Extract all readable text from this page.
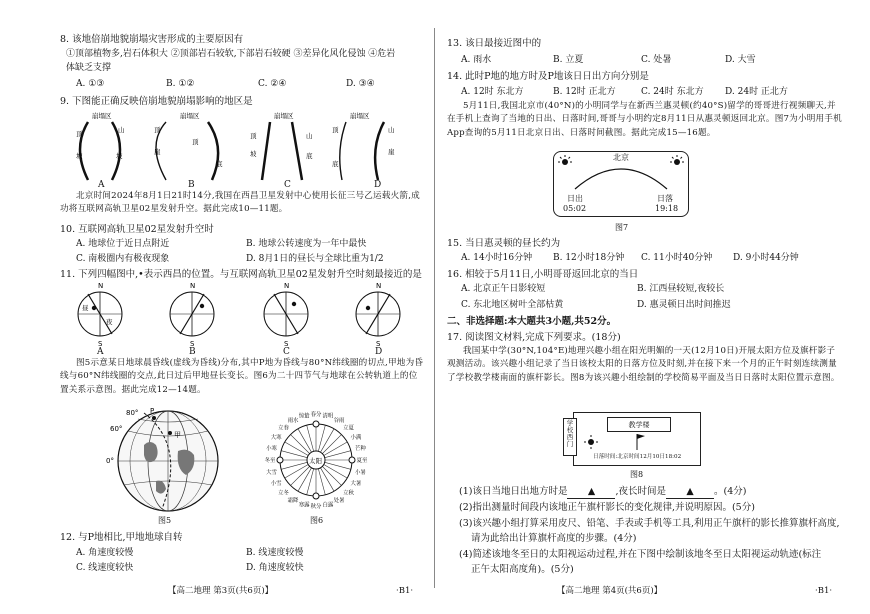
8. 该地倍崩地貌崩塌灾害形成的主要原因有
①顶部植物多,岩石体积大 ②顶部岩石较软,下部岩石较硬 ③差异化风化侵蚀 ④危岩
体缺乏支撑
A. ①③	B. ①②	C. ②④	D. ③④
9. 下图能正确反映倍崩地貌崩塌影响的地区是
崩塌区
顶	山
坡	坡
崩塌区
顶
崖
顶
底
崩塌区
顶
坡
山
底
崩塌区
顶	山
崖
底
A	B	C	D
北京时间2024年8月1日21时14分,我国在西昌卫星发射中心使用长征三号乙运载火箭,成功将互联网高轨卫星02星发射升空。据此完成10—11题。
10. 互联网高轨卫星02星发射升空时
A. 地球位于近日点附近	B. 地球公转速度为一年中最快
C. 南极圈内有极夜现象	D. 8月1日的昼长与全球比重为1/2
11. 下列四幅图中,•表示西昌的位置。与互联网高轨卫星02星发射升空时刻最接近的是
N
昼
夜
S
N
S
N
S
N
S
A	B	C	D
图5示意某日地球晨昏线(虚线为昏线)分布,其中P地为昏线与80°N纬线圈的切点,甲地为昏线与60°N纬线圈的交点,此日过后甲地昼长变长。图6为二十四节气与地球在公转轨道上的位置关系示意图。据此完成12—14题。
80° P
60°
甲
0°
图5
太阳
春分 清明
谷雨
立夏
小满
芒种
夏至
小暑
大暑
立秋
处暑
白露
秋分
寒露
霜降
立冬
小雪
大雪
冬至
小寒
大寒
立春
雨水
惊蛰
图6
12. 与P地相比,甲地地球自转
A. 角速度较慢	B. 线速度较慢
C. 线速度较快	D. 角速度较快
【高二地理 第3页(共6页)】	·B1·
13. 该日最接近图中的
A. 雨水	B. 立夏	C. 处暑	D. 大雪
14. 此时P地的地方时及P地该日日出方向分别是
A. 12时 东北方	B. 12时 正北方	C. 24时 东北方 D. 24时 正北方
5月11日,我国北京市(40°N)的小明同学与在新西兰惠灵顿(约40°S)留学的哥哥进行视频聊天,并在手机上查询了当地的日出、日落时间,哥哥与小明约定8月11日从惠灵顿返回北京。图7为小明用手机App查询的5月11日北京日出、日落时间截图。据此完成15—16题。
北京
日出
05:02
日落
19:18
图7
15. 当日惠灵顿的昼长约为
A. 14小时16分钟 B. 12小时18分钟 C. 11小时40分钟 D. 9小时44分钟
16. 相较于5月11日,小明哥哥返回北京的当日
A. 北京正午日影较短	B. 江西昼较短,夜较长
C. 东北地区树叶全部枯黄	D. 惠灵顿日出时间推迟
二、非选择题:本大题共3小题,共52分。
17. 阅读图文材料,完成下列要求。(18分)
我国某中学(30°N,104°E)地理兴趣小组在阳光明媚的一天(12月10日)开展太阳方位及旗杆影子观测活动。该兴趣小组记录了当日该校太阳的日落方位及时刻,并在接下来一个月的正午时刻连续测量了学校教学楼南面的旗杆影长。图8为该兴趣小组绘制的学校简易平面及当日日落时太阳位置示意图。
学校西门
教学楼
日落时间:北京时间12月10日18:02
图8
(1)该日当地日出地方时是 ▲ ,夜长时间是 ▲ 。(4分)
(2)指出测量时间段内该地正午旗杆影长的变化规律,并说明原因。(5分)
(3)该兴趣小组打算采用皮尺、铅笔、手表或手机等工具,利用正午旗杆的影长推算旗杆高度,
请为此给出计算旗杆高度的步骤。(4分)
(4)简述该地冬至日的太阳视运动过程,并在下图中绘制该地冬至日太阳视运动轨迹(标注
正午太阳高度角)。(5分)
【高二地理 第4页(共6页)】	·B1·
